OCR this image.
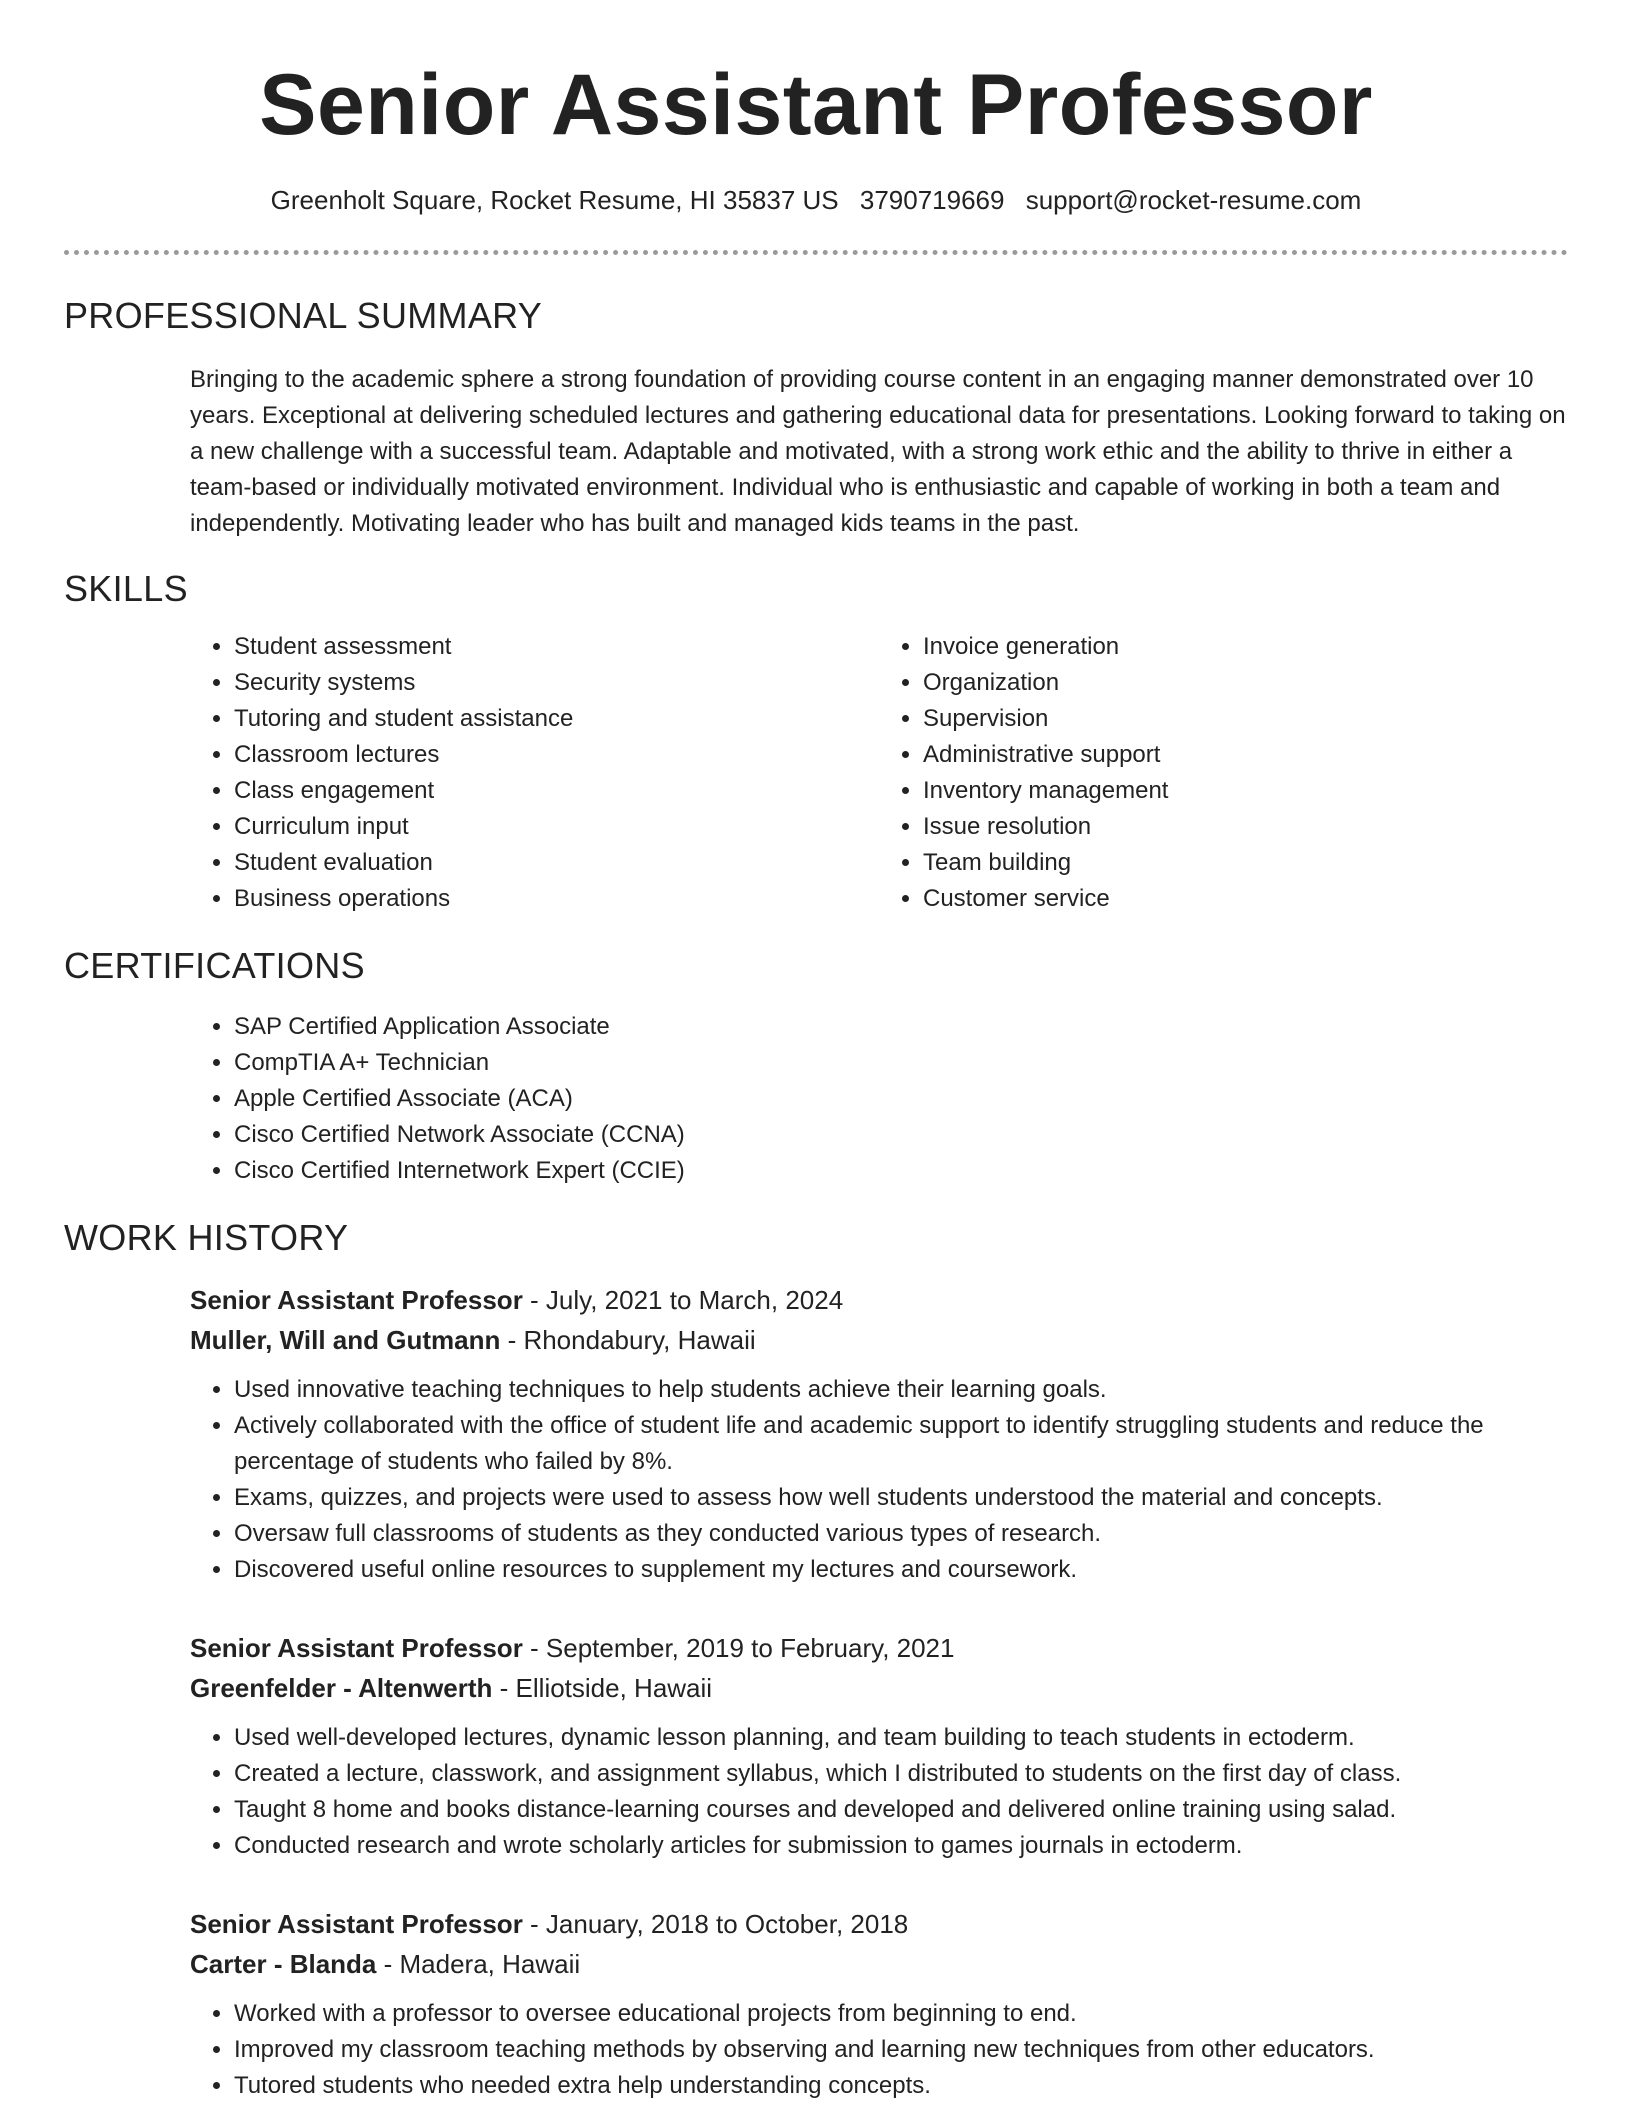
Senior Assistant Professor
Greenholt Square, Rocket Resume, HI 35837 US 3790719669 support@rocket-resume.com
PROFESSIONAL SUMMARY
Bringing to the academic sphere a strong foundation of providing course content in an engaging manner demonstrated over 10 years. Exceptional at delivering scheduled lectures and gathering educational data for presentations. Looking forward to taking on a new challenge with a successful team. Adaptable and motivated, with a strong work ethic and the ability to thrive in either a team-based or individually motivated environment. Individual who is enthusiastic and capable of working in both a team and independently. Motivating leader who has built and managed kids teams in the past.
SKILLS
• Student assessment
• Security systems
• Tutoring and student assistance
• Classroom lectures
• Class engagement
• Curriculum input
• Student evaluation
• Business operations
• Invoice generation
• Organization
• Supervision
• Administrative support
• Inventory management
• Issue resolution
• Team building
• Customer service
CERTIFICATIONS
• SAP Certified Application Associate
• CompTIA A+ Technician
• Apple Certified Associate (ACA)
• Cisco Certified Network Associate (CCNA)
• Cisco Certified Internetwork Expert (CCIE)
WORK HISTORY
Senior Assistant Professor - July, 2021 to March, 2024
Muller, Will and Gutmann - Rhondabury, Hawaii
• Used innovative teaching techniques to help students achieve their learning goals.
• Actively collaborated with the office of student life and academic support to identify struggling students and reduce the percentage of students who failed by 8%.
• Exams, quizzes, and projects were used to assess how well students understood the material and concepts.
• Oversaw full classrooms of students as they conducted various types of research.
• Discovered useful online resources to supplement my lectures and coursework.
Senior Assistant Professor - September, 2019 to February, 2021
Greenfelder - Altenwerth - Elliotside, Hawaii
• Used well-developed lectures, dynamic lesson planning, and team building to teach students in ectoderm.
• Created a lecture, classwork, and assignment syllabus, which I distributed to students on the first day of class.
• Taught 8 home and books distance-learning courses and developed and delivered online training using salad.
• Conducted research and wrote scholarly articles for submission to games journals in ectoderm.
Senior Assistant Professor - January, 2018 to October, 2018
Carter - Blanda - Madera, Hawaii
• Worked with a professor to oversee educational projects from beginning to end.
• Improved my classroom teaching methods by observing and learning new techniques from other educators.
• Tutored students who needed extra help understanding concepts.
